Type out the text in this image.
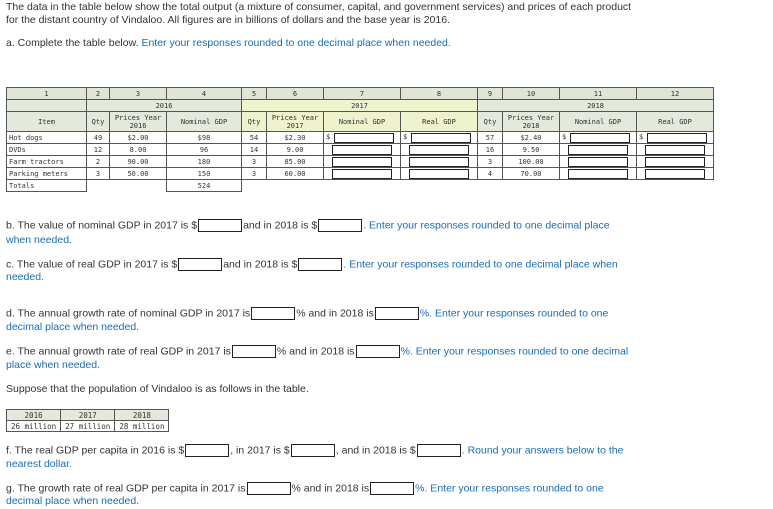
The data in the table below show the total output (a mixture of consumer, capital, and government services) and prices of each product
for the distant country of Vindaloo. All figures are in billions of dollars and the base year is 2016.
a. Complete the table below. Enter your responses rounded to one decimal place when needed.
1	2	3	4	5	6	7	8	9	10	11	12
	2016			2017				2018			
Item	Qty	Prices Year 2016	Nominal GDP	Qty	Prices Year 2017	Nominal GDP	Real GDP	Qty	Prices Year 2018	Nominal GDP	Real GDP
Hot dogs	49	$2.00	$98	54	$2.30	$	$	57	$2.40	$	$

DVDs	12	8.00	96	14	9.00			16	9.50		
Farm tractors	2	90.00	180	3	85.00			3	100.00		
Parking meters	3	50.00	150	3	60.00			4	70.00		
Totals			524								
b. The value of nominal GDP in 2017 is $	and in 2018 is $	. Enter your responses rounded to one decimal place
when needed.
c. The value of real GDP in 2017 is $	and in 2018 is $	. Enter your responses rounded to one decimal place when
needed.
d. The annual growth rate of nominal GDP in 2017 is	% and in 2018 is	%. Enter your responses rounded to one
decimal place when needed.
e. The annual growth rate of real GDP in 2017 is	% and in 2018 is	%. Enter your responses rounded to one decimal
place when needed.
Suppose that the population of Vindaloo is as follows in the table.
2016	2017	2018
26 million	27 million	28 million
f. The real GDP per capita in 2016 is $	, in 2017 is $	, and in 2018 is $	. Round your answers below to the
nearest dollar.
g. The growth rate of real GDP per capita in 2017 is	% and in 2018 is	%. Enter your responses rounded to one
decimal place when needed.
